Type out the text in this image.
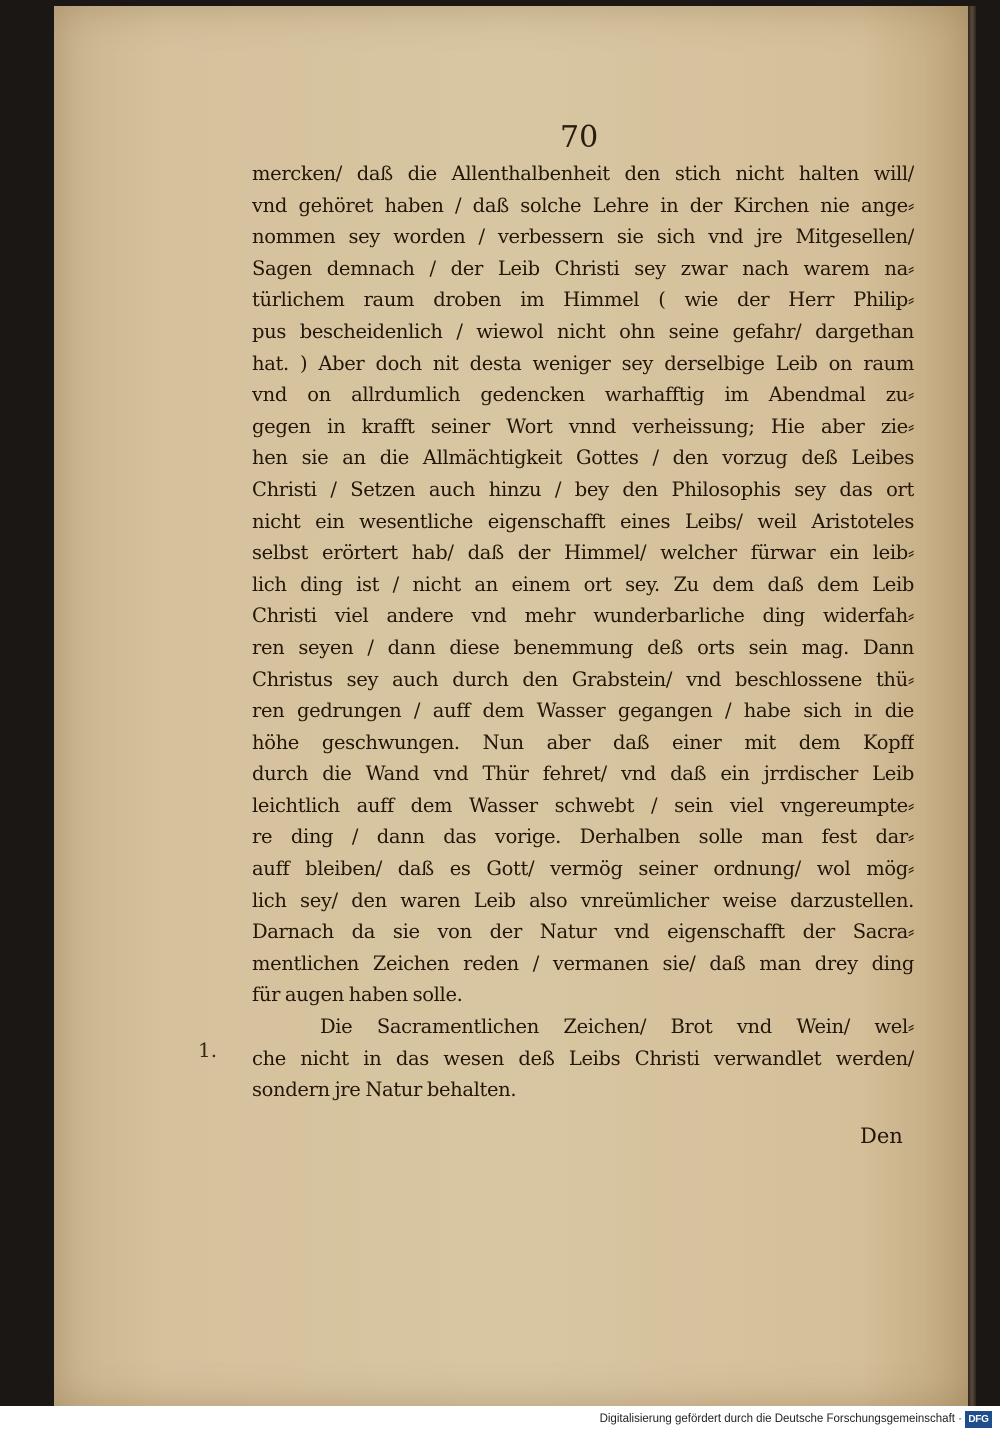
70
mercken/ daß die Allenthalbenheit den stich nicht halten will/
vnd gehöret haben / daß solche Lehre in der Kirchen nie ange⸗
nommen sey worden / verbessern sie sich vnd jre Mitgesellen/
Sagen demnach / der Leib Christi sey zwar nach warem na⸗
türlichem raum droben im Himmel ( wie der Herr Philip⸗
pus bescheidenlich / wiewol nicht ohn seine gefahr/ dargethan
hat. ) Aber doch nit desta weniger sey derselbige Leib on raum
vnd on allrdumlich gedencken warhafftig im Abendmal zu⸗
gegen in krafft seiner Wort vnnd verheissung; Hie aber zie⸗
hen sie an die Allmächtigkeit Gottes / den vorzug deß Leibes
Christi / Setzen auch hinzu / bey den Philosophis sey das ort
nicht ein wesentliche eigenschafft eines Leibs/ weil Aristoteles
selbst erörtert hab/ daß der Himmel/ welcher fürwar ein leib⸗
lich ding ist / nicht an einem ort sey. Zu dem daß dem Leib
Christi viel andere vnd mehr wunderbarliche ding widerfah⸗
ren seyen / dann diese benemmung deß orts sein mag. Dann
Christus sey auch durch den Grabstein/ vnd beschlossene thü⸗
ren gedrungen / auff dem Wasser gegangen / habe sich in die
höhe geschwungen. Nun aber daß einer mit dem Kopff
durch die Wand vnd Thür fehret/ vnd daß ein jrrdischer Leib
leichtlich auff dem Wasser schwebt / sein viel vngereumpte⸗
re ding / dann das vorige. Derhalben solle man fest dar⸗
auff bleiben/ daß es Gott/ vermög seiner ordnung/ wol mög⸗
lich sey/ den waren Leib also vnreümlicher weise darzustellen.
Darnach da sie von der Natur vnd eigenschafft der Sacra⸗
mentlichen Zeichen reden / vermanen sie/ daß man drey ding
für augen haben solle.
Die Sacramentlichen Zeichen/ Brot vnd Wein/ wel⸗
che nicht in das wesen deß Leibs Christi verwandlet werden/
sondern jre Natur behalten.
1.
Den
Digitalisierung gefördert durch die Deutsche Forschungsgemeinschaft · DFG
